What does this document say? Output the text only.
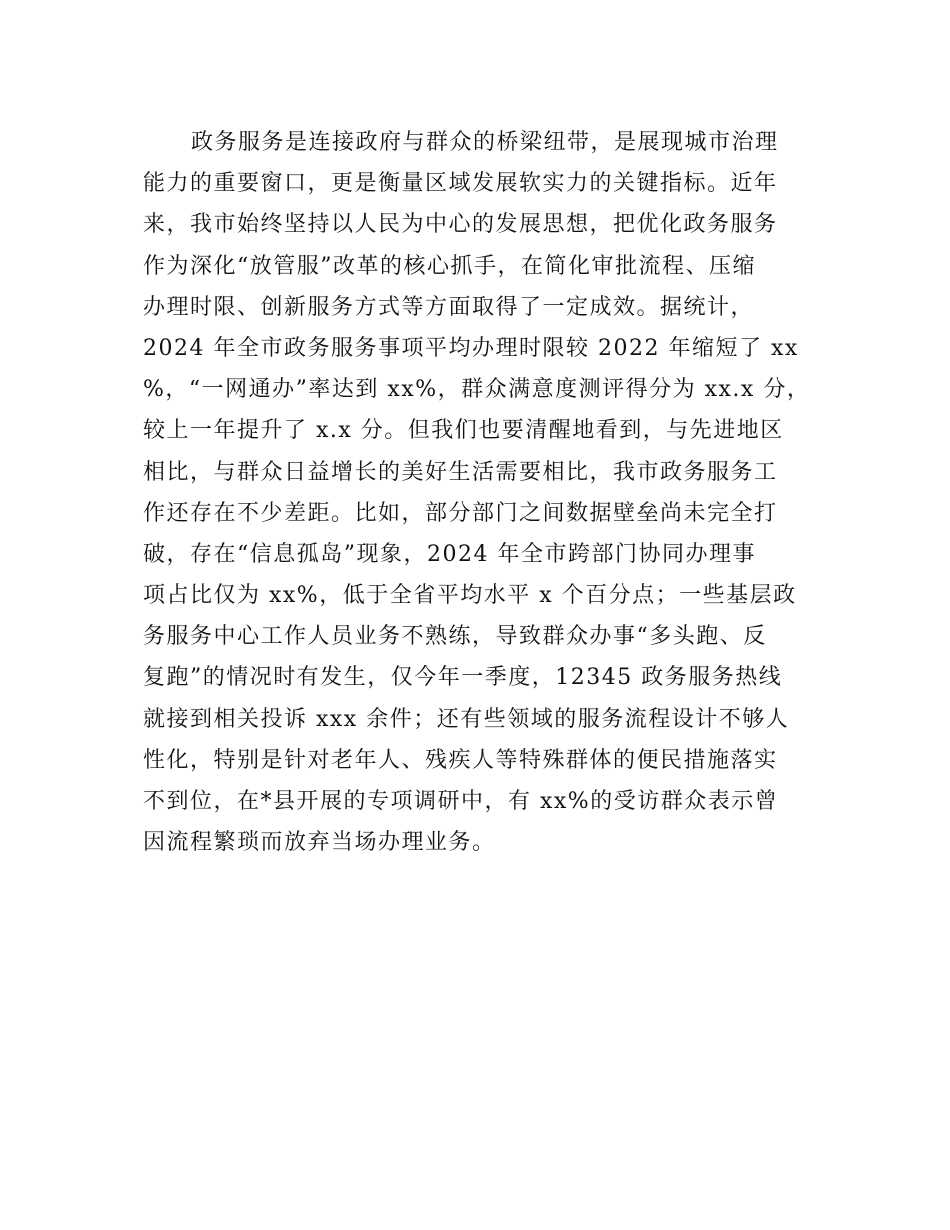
政务服务是连接政府与群众的桥梁纽带，是展现城市治理
能力的重要窗口，更是衡量区域发展软实力的关键指标。近年
来，我市始终坚持以人民为中心的发展思想，把优化政务服务
作为深化“放管服”改革的核心抓手，在简化审批流程、压缩
办理时限、创新服务方式等方面取得了一定成效。据统计，
2024 年全市政务服务事项平均办理时限较 2022 年缩短了 xx
%，“一网通办”率达到 xx%，群众满意度测评得分为 xx.x 分，
较上一年提升了 x.x 分。但我们也要清醒地看到，与先进地区
相比，与群众日益增长的美好生活需要相比，我市政务服务工
作还存在不少差距。比如，部分部门之间数据壁垒尚未完全打
破，存在“信息孤岛”现象，2024 年全市跨部门协同办理事
项占比仅为 xx%，低于全省平均水平 x 个百分点；一些基层政
务服务中心工作人员业务不熟练，导致群众办事“多头跑、反
复跑”的情况时有发生，仅今年一季度，12345 政务服务热线
就接到相关投诉 xxx 余件；还有些领域的服务流程设计不够人
性化，特别是针对老年人、残疾人等特殊群体的便民措施落实
不到位，在*县开展的专项调研中，有 xx%的受访群众表示曾
因流程繁琐而放弃当场办理业务。
